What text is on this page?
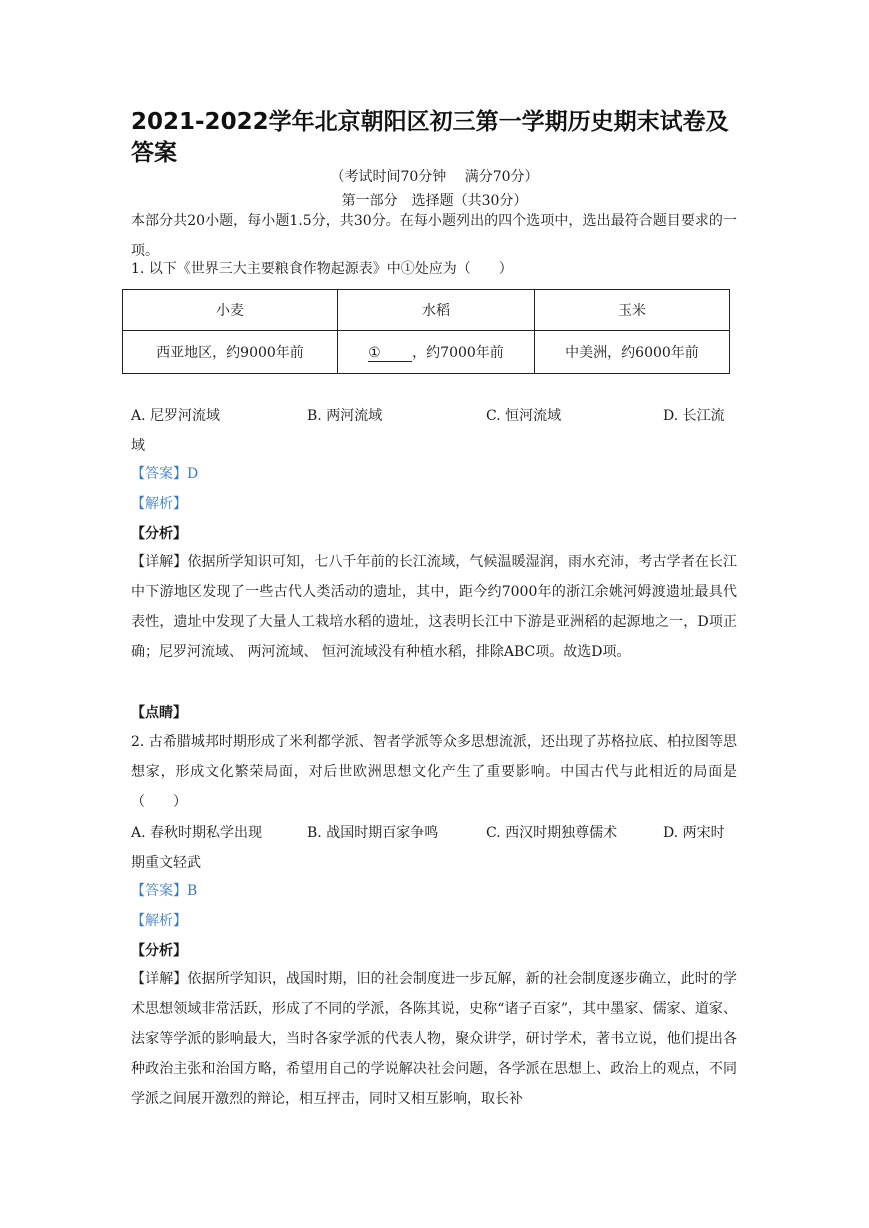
2021-2022学年北京朝阳区初三第一学期历史期末试卷及答案
（考试时间70分钟　 满分70分）
第一部分　选择题（共30分）
本部分共20小题，每小题1.5分，共30分。在每小题列出的四个选项中，选出最符合题目要求的一项。
1. 以下《世界三大主要粮食作物起源表》中①处应为（　　）
小麦	水稻	玉米
西亚地区，约9000年前	① ，约7000年前	中美洲，约6000年前
A. 尼罗河流域	B. 两河流域	C. 恒河流域	D. 长江流
域
【答案】D
【解析】
【分析】
【详解】依据所学知识可知，七八千年前的长江流域，气候温暖湿润，雨水充沛，考古学者在长江中下游地区发现了一些古代人类活动的遗址，其中，距今约7000年的浙江余姚河姆渡遗址最具代表性，遗址中发现了大量人工栽培水稻的遗址，这表明长江中下游是亚洲稻的起源地之一，D项正确；尼罗河流域、 两河流域、 恒河流域没有种植水稻，排除ABC项。故选D项。
【点睛】
2. 古希腊城邦时期形成了米利都学派、智者学派等众多思想流派，还出现了苏格拉底、柏拉图等思想家，形成文化繁荣局面，对后世欧洲思想文化产生了重要影响。中国古代与此相近的局面是（　　）
A. 春秋时期私学出现	B. 战国时期百家争鸣	C. 西汉时期独尊儒术	D. 两宋时
期重文轻武
【答案】B
【解析】
【分析】
【详解】依据所学知识，战国时期，旧的社会制度进一步瓦解，新的社会制度逐步确立，此时的学术思想领域非常活跃，形成了不同的学派，各陈其说，史称“诸子百家”，其中墨家、儒家、道家、法家等学派的影响最大，当时各家学派的代表人物，聚众讲学，研讨学术，著书立说，他们提出各种政治主张和治国方略，希望用自己的学说解决社会问题，各学派在思想上、政治上的观点，不同学派之间展开激烈的辩论，相互抨击，同时又相互影响，取长补
